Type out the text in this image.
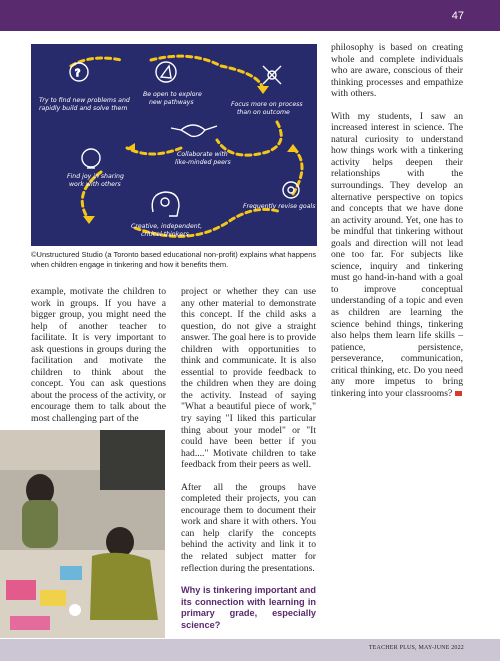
47
?
Try to find new problems and
rapidly build and solve them
Be open to explore
new pathways	Focus more on process
than on outcome
Collaborate with
like-minded peers
Find joy in sharing
work with others
Frequently revise goals
Creative, independent,
critical thinkers
©Unstructured Studio (a Toronto based educational non-profit) explains what happens when children engage in tinkering and how it benefits them.

example, motivate the children to work in groups. If you have a bigger group, you might need the help of another teacher to facilitate. It is very important to ask questions in groups during the facilitation and motivate the children to think about the concept. You can ask questions about the process of the activity, or encourage them to talk about the most challenging part of the

project or whether they can use any other material to demonstrate this concept. If the child asks a question, do not give a straight answer. The goal here is to provide children with opportunities to think and communicate. It is also essential to provide feedback to the children when they are doing the activity. Instead of saying "What a beautiful piece of work," try saying "I liked this particular thing about your model" or "It could have been better if you had...." Motivate children to take feedback from their peers as well.

After all the groups have completed their projects, you can encourage them to document their work and share it with others. You can help clarify the concepts behind the activity and link it to the related subject matter for reflection during the presentations.

Why is tinkering important and its connection with learning in primary grade, especially science?

philosophy is based on creating whole and complete individuals who are aware, conscious of their thinking processes and empathize with others.

With my students, I saw an increased interest in science. The natural curiosity to understand how things work with a tinkering activity helps deepen their relationships with the surroundings. They develop an alternative perspective on topics and concepts that we have done an activity around. Yet, one has to be mindful that tinkering without goals and direction will not lead one too far. For subjects like science, inquiry and tinkering must go hand-in-hand with a goal to improve conceptual understanding of a topic and even as children are learning the science behind things, tinkering also helps them learn life skills – patience, persistence, perseverance, communication, critical thinking, etc. Do you need any more impetus to bring tinkering into your classrooms?

TEACHER PLUS, MAY-JUNE 2022
